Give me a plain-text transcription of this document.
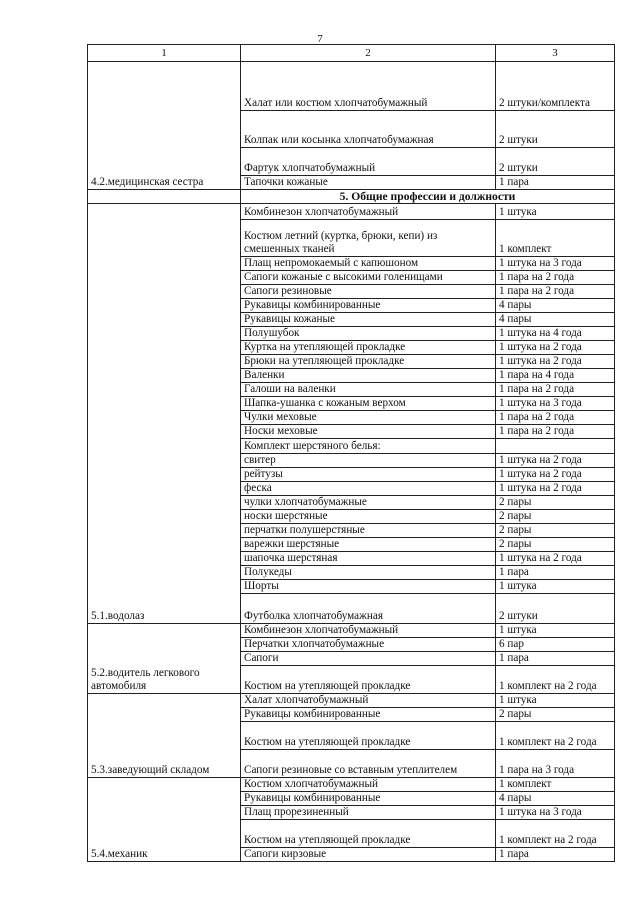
7
1	2	3
4.2.медицинская сестра	Халат или костюм хлопчатобумажный	2 штуки/комплекта
	Колпак или косынка хлопчатобумажная	2 штуки
	Фартук хлопчатобумажный	2 штуки
	Тапочки кожаные	1 пара
	5. Общие профессии и должности	
5.1.водолаз	Комбинезон хлопчатобумажный	1 штука
	Костюм летний (куртка, брюки, кепи) из смешенных тканей	1 комплект
	Плащ непромокаемый с капюшоном	1 штука на 3 года
	Сапоги кожаные с высокими голенищами	1 пара на 2 года
	Сапоги резиновые	1 пара на 2 года
	Рукавицы комбинированные	4 пары
	Рукавицы кожаные	4 пары
	Полушубок	1 штука на 4 года
	Куртка на утепляющей прокладке	1 штука на 2 года
	Брюки на утепляющей прокладке	1 штука на 2 года
	Валенки	1 пара на 4 года
	Галоши на валенки	1 пара на 2 года
	Шапка-ушанка с кожаным верхом	1 штука на 3 года
	Чулки меховые	1 пара на 2 года
	Носки меховые	1 пара на 2 года
	Комплект шерстяного белья:	
	свитер	1 штука на 2 года
	рейтузы	1 штука на 2 года
	феска	1 штука на 2 года
	чулки хлопчатобумажные	2 пары
	носки шерстяные	2 пары
	перчатки полушерстяные	2 пары
	варежки шерстяные	2 пары
	шапочка шерстяная	1 штука на 2 года
	Полукеды	1 пара
	Шорты	1 штука
	Футболка хлопчатобумажная	2 штуки
5.2.водитель легкового автомобиля	Комбинезон хлопчатобумажный	1 штука
	Перчатки хлопчатобумажные	6 пар
	Сапоги	1 пара
	Костюм на утепляющей прокладке	1 комплект на 2 года
5.3.заведующий складом	Халат хлопчатобумажный	1 штука
	Рукавицы комбинированные	2 пары
	Костюм на утепляющей прокладке	1 комплект на 2 года
	Сапоги резиновые со вставным утеплителем	1 пара на 3 года
5.4.механик	Костюм хлопчатобумажный	1 комплект
	Рукавицы комбинированные	4 пары
	Плащ прорезиненный	1 штука на 3 года
	Костюм на утепляющей прокладке	1 комплект на 2 года
	Сапоги кирзовые	1 пара
